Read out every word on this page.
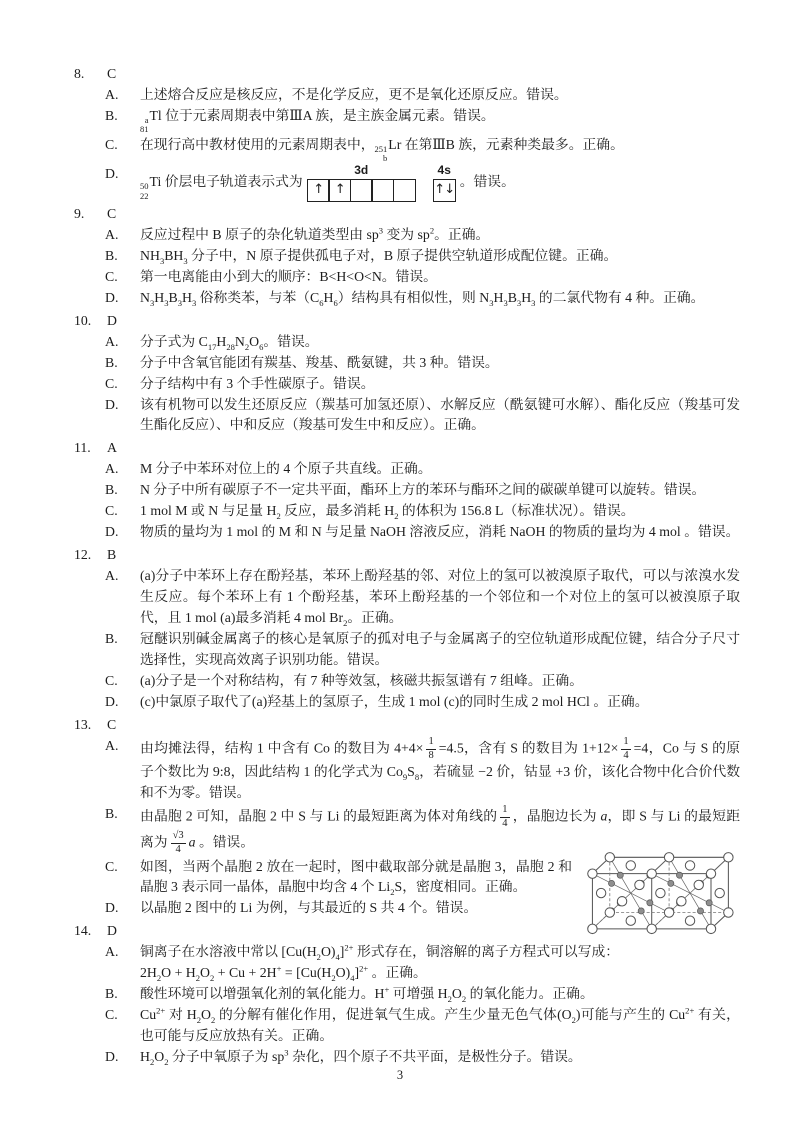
8.	C
A.	上述熔合反应是核反应，不是化学反应，更不是氧化还原反应。错误。
B.	a
81
Tl 位于元素周期表中第ⅢA 族，是主族金属元素。错误。
C.	在现行高中教材使用的元素周期表中， 251
b
Lr 在第ⅢB 族，元素种类最多。正确。
D.
50
22
Ti 价层电子轨道表示式为
3d
↑ ↑
4s
↑↓
。错误。
9.	C
A.	反应过程中 B 原子的杂化轨道类型由 $sp^3$ 变为 $sp^2$。正确。
B.	$NH_3BH_3$ 分子中，N 原子提供孤电子对，B 原子提供空轨道形成配位键。正确。
C.	第一电离能由小到大的顺序：B<H<O<N。错误。
D.	$N_3H_3B_3H_3$ 俗称类苯，与苯$(C_6H_6)$结构具有相似性，则 $N_3H_3B_3H_3$ 的二氯代物有 4 种。正确。
10.	D
A.	分子式为 $C_{17}H_{28}N_2O_6$。错误。
B.	分子中含氧官能团有羰基、羧基、酰氨键，共 3 种。错误。
C.	分子结构中有 3 个手性碳原子。错误。
D.	该有机物可以发生还原反应（羰基可加氢还原）、水解反应（酰氨键可水解）、酯化反应（羧基可发生酯化反应）、中和反应（羧基可发生中和反应）。正确。
11.	A
A.	M 分子中苯环对位上的 4 个原子共直线。正确。
B.	N 分子中所有碳原子不一定共平面，酯环上方的苯环与酯环之间的碳碳单键可以旋转。错误。
C.	1 mol M 或 N 与足量 $H_2$ 反应，最多消耗 $H_2$ 的体积为 156.8 L（标准状况）。错误。
D.	物质的量均为 1 mol 的 M 和 N 与足量 NaOH 溶液反应，消耗 NaOH 的物质的量均为 4 mol 。错误。
12.	B
A.	(a)分子中苯环上存在酚羟基，苯环上酚羟基的邻、对位上的氢可以被溴原子取代，可以与浓溴水发生反应。每个苯环上有 1 个酚羟基，苯环上酚羟基的一个邻位和一个对位上的氢可以被溴原子取代，且 1 mol (a)最多消耗 4 mol $Br_2$。正确。
B.	冠醚识别碱金属离子的核心是氧原子的孤对电子与金属离子的空位轨道形成配位键，结合分子尺寸选择性，实现高效离子识别功能。错误。
C.	(a)分子是一个对称结构，有 7 种等效氢，核磁共振氢谱有 7 组峰。正确。
D.	(c)中氯原子取代了(a)羟基上的氢原子，生成 1 mol (c)的同时生成 2 mol HCl 。正确。
13.	C
A.	由均摊法得，结构 1 中含有 Co 的数目为 $4+4\times \frac{1}{8} =4.5$，含有 S 的数目为 $1+12\times \frac{1}{4} =4$，Co 与 S 的原子个数比为 9:8，因此结构 1 的化学式为 $Co_9S_8$，若硫显 −2 价，钴显 +3 价，该化合物中化合价代数和不为零。错误。
B.	由晶胞 2 可知，晶胞 2 中 S 与 Li 的最短距离为体对角线的 $\frac{1}{4}$ ，晶胞边长为 a，即 S 与 Li 的最短距离为 $\frac{√3}{4}$ a 。错误。
C.	如图，当两个晶胞 2 放在一起时，图中截取部分就是晶胞 3，晶胞 2 和晶胞 3 表示同一晶体，晶胞中均含 4 个 $Li_2S$，密度相同。正确。
D.	以晶胞 2 图中的 Li 为例，与其最近的 S 共 4 个。错误。
14.	D
A.	铜离子在水溶液中常以 $[Cu(H_2O)_4]^{2+}$ 形式存在，铜溶解的离子方程式可以写成：
$2H_2O + H_2O_2 + Cu + 2H^+ = [Cu(H_2O)_4]^{2+}$ 。正确。
B.	酸性环境可以增强氧化剂的氧化能力。H+ 可增强 $H_2O_2$ 的氧化能力。正确。
C.	$Cu^{2+}$ 对 $H_2O_2$ 的分解有催化作用，促进氧气生成。产生少量无色气体$(O_2)$可能与产生的 $Cu^{2+}$ 有关，也可能与反应放热有关。正确。
D.	$H_2O_2$ 分子中氧原子为 $sp^3$ 杂化，四个原子不共平面，是极性分子。错误。
3
